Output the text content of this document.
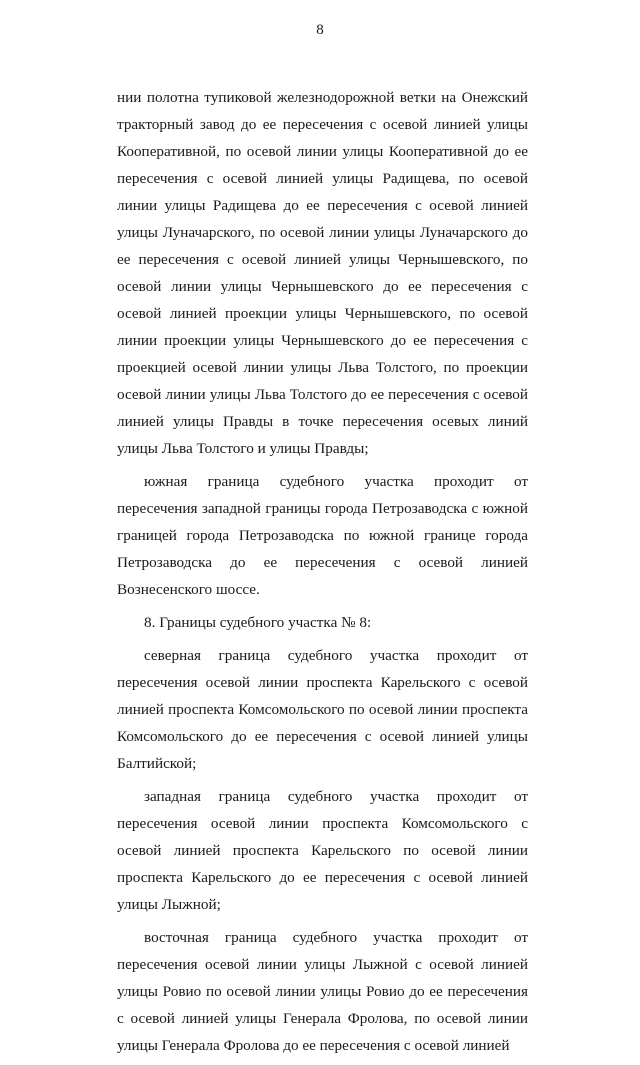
8

нии полотна тупиковой железнодорожной ветки на Онежский тракторный завод до ее пересечения с осевой линией улицы Кооперативной, по осевой линии улицы Кооперативной до ее пересечения с осевой линией улицы Радищева, по осевой линии улицы Радищева до ее пересечения с осевой линией улицы Луначарского, по осевой линии улицы Луначарского до ее пересечения с осевой линией улицы Чернышевского, по осевой линии улицы Чернышевского до ее пересечения с осевой линией проекции улицы Чернышевского, по осевой линии проекции улицы Чернышевского до ее пересечения с проекцией осевой линии улицы Льва Толстого, по проекции осевой линии улицы Льва Толстого до ее пересечения с осевой линией улицы Правды в точке пересечения осевых линий улицы Льва Толстого и улицы Правды;

южная граница судебного участка проходит от пересечения западной границы города Петрозаводска с южной границей города Петрозаводска по южной границе города Петрозаводска до ее пересечения с осевой линией Вознесенского шоссе.

8. Границы судебного участка № 8:

северная граница судебного участка проходит от пересечения осевой линии проспекта Карельского с осевой линией проспекта Комсомольского по осевой линии проспекта Комсомольского до ее пересечения с осевой линией улицы Балтийской;

западная граница судебного участка проходит от пересечения осевой линии проспекта Комсомольского с осевой линией проспекта Карельского по осевой линии проспекта Карельского до ее пересечения с осевой линией улицы Лыжной;

восточная граница судебного участка проходит от пересечения осевой линии улицы Лыжной с осевой линией улицы Ровио по осевой линии улицы Ровио до ее пересечения с осевой линией улицы Генерала Фролова, по осевой линии улицы Генерала Фролова до ее пересечения с осевой линией
